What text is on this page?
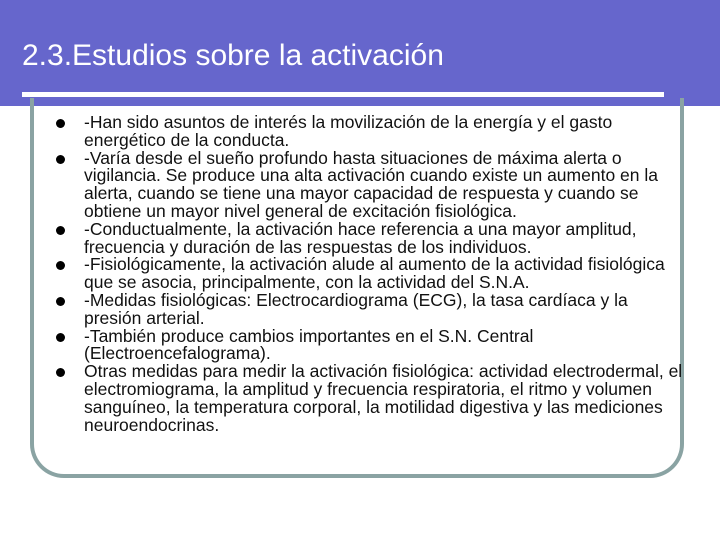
2.3.Estudios sobre la activación
-Han sido asuntos de interés la movilización de la energía y el gasto energético de la conducta.
-Varía desde el sueño profundo hasta situaciones de máxima alerta o vigilancia. Se produce una alta activación cuando existe un aumento en la alerta, cuando se tiene una mayor capacidad de respuesta y cuando se obtiene un mayor nivel general de excitación fisiológica.
-Conductualmente, la activación hace referencia a una mayor amplitud, frecuencia y duración de las respuestas de los individuos.
-Fisiológicamente, la activación alude al aumento de la actividad fisiológica que se asocia, principalmente, con la actividad del S.N.A.
-Medidas fisiológicas: Electrocardiograma (ECG), la tasa cardíaca y la presión arterial.
-También produce cambios importantes en el S.N. Central (Electroencefalograma).
Otras medidas para medir la activación fisiológica: actividad electrodermal, el electromiograma, la amplitud y frecuencia respiratoria, el ritmo y volumen sanguíneo, la temperatura corporal, la motilidad digestiva y las mediciones neuroendocrinas.
